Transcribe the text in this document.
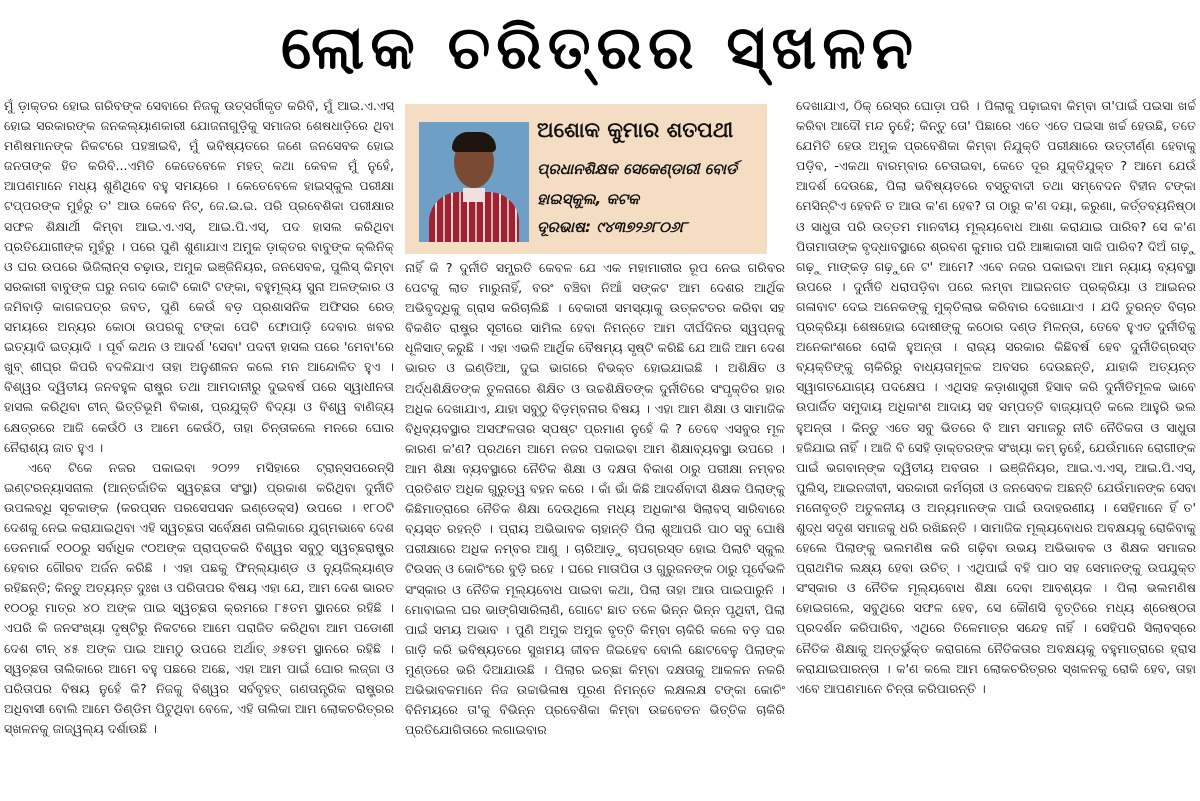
ଲୋକ ଚରିତ୍ରର ସ୍ଖଳନ

ମୁଁ ଡ଼ାକ୍ତର ହୋଇ ଗରିବଙ୍କ ସେବାରେ ନିଜକୁ ଉତ୍ସର୍ଗୀକୃତ କରିବି, ମୁଁ ଆଇ.ଏ.ଏସ୍ ହୋଇ ସରକାରଙ୍କ ଜନକଲ୍ୟାଣକାରୀ ଯୋଜନାଗୁଡ଼ିକୁ ସମାଜର ଶେଷଧାଡ଼ିରେ ଥିବା ମଣିଷମାନଙ୍କ ନିକଟରେ ପହଞ୍ଚାଇବି, ମୁଁ ଭବିଷ୍ୟତରେ ଜଣେ ଜନସେବକ ହୋଇ ଜନତାଙ୍କ ହିତ କରିବି...ଏମିତି କେତେବେଳେ ମହତ୍ କଥା କେବଳ ମୁଁ ନୁହେଁ, ଆପଣମାନେ ମଧ୍ୟ ଶୁଣିଥିବେ ବହୁ ସମୟରେ । କେତେବେଳେ ହାଇସ୍କୁଲ ପରୀକ୍ଷା ଟପ୍ପରଙ୍କ ମୁହଁରୁ ତ' ଆଉ କେବେ ନିଟ୍, ଜେ.ଇ.ଇ. ପରି ପ୍ରବେଶିକା ପରୀକ୍ଷାର ସଫଳ ଶିକ୍ଷାର୍ଥୀ କିମ୍ବା ଆଇ.ଏ.ଏସ୍, ଆଇ.ପି.ଏସ୍, ପଦ ହାସଲ କରିଥିବା ପ୍ରତିଯୋଗୀଙ୍କ ମୁହଁରୁ । ପରେ ପୁଣି ଶୁଣାଯାଏ ଅମୁକ ଡ଼ାକ୍ତର ବାବୁଙ୍କ କ୍ଲିନିକ୍ ଓ ଘର ଉପରେ ଭିଜିଲାନ୍ସ ଚଢ଼ାଉ, ଅମୁକ ଇଞ୍ଜିନିୟର, ଜନସେବକ, ପୁଲିସ୍ କିମ୍ବା ସରକାରୀ ବାବୁଙ୍କ ଘରୁ ନଗଦ କୋଟି କୋଟି ଟଙ୍କା, ବହୁମୂଲ୍ୟ ସୁନା ଅଳଙ୍କାର ଓ ଜମିବାଡ଼ି କାଗଜପତ୍ର ଜବତ, ପୁଣି କେଉଁ ବଡ଼ ପ୍ରଶାସନିକ ଅଫିସର ରେଡ୍ ସମୟରେ ଅନ୍ୟର କୋଠା ଉପରକୁ ଟଙ୍କା ପେଟି ଫୋପାଡ଼ି ଦେବାର ଖବର ଇତ୍ୟାଦି ଇତ୍ୟାଦି । ପୂର୍ବ କଥନ ଓ ଆଦର୍ଶ 'ସେବା' ପଦବୀ ହାସଲ ପରେ 'ମେବା'ରେ ଖୁବ୍ ଶୀଘ୍ର କିପରି ବଦଳିଯାଏ ତାହା ଅନୁଶୀଳନ କଲେ ମନ ଆନ୍ଦୋଳିତ ହୁଏ । ବିଶ୍ୱର ଦ୍ୱିତୀୟ ଜନବହୁଳ ରାଷ୍ଟ୍ର ତଥା ଆମଦାନୀରୁ ଦୁଇବର୍ଷ ପରେ ସ୍ୱାଧୀନତା ହାସଲ କରିଥିବା ଚୀନ୍ ଭିତ୍ତିଭୂମି ବିକାଶ, ପ୍ରଯୁକ୍ତି ବିଦ୍ୟା ଓ ବିଶ୍ୱ ବାଣିଜ୍ୟ କ୍ଷେତ୍ରରେ ଆଜି କେଉଁଠି ଓ ଆମେ କେଉଁଠି, ତାହା ଚିନ୍ତାକଲେ ମନରେ ଘୋର ନୈରାଶ୍ୟ ଜାତ ହୁଏ ।

ଏବେ ଟିକେ ନଜର ପକାଇବା ୨୦୨୨ ମସିହାରେ ଟ୍ରାନ୍ସପରେନ୍ସି ଇଣ୍ଟରନ୍ୟାସନାଲ (ଆନ୍ତର୍ଜାତିକ ସ୍ୱଚ୍ଛତା ସଂସ୍ଥା) ପ୍ରକାଶ କରିଥିବା ଦୁର୍ନୀତି ଉପଲବ୍ଧି ସୂଚକାଙ୍କ (କରପ୍ସନ ପରସେପସନ ଇଣ୍ଡେକ୍ସ) ଉପରେ । ୧୮୦ଟି ଦେଶକୁ ନେଇ କରାଯାଇଥିବା ଏହି ସ୍ୱଚ୍ଛତା ସର୍ବେକ୍ଷଣ ତାଲିକାରେ ଯୁଗ୍ମଭାବେ ଦେଶ ଡେନମାର୍କ ୧୦୦ରୁ ସର୍ବାଧିକ ୯୦ଅଙ୍କ ପ୍ରାପ୍ତକରି ବିଶ୍ୱର ସବୁଠୁ ସ୍ୱଚ୍ଛରାଷ୍ଟ୍ର ହେବାର ଗୌରବ ଅର୍ଜନ କରିଛି । ଏହା ପଛକୁ ଫିନ୍‌ଲ୍ୟାଣ୍ଡ ଓ ନ୍ୟୁଜିଲ୍ୟାଣ୍ଡ ରହିଛନ୍ତି; କିନ୍ତୁ ଅତ୍ୟନ୍ତ ଦୁଃଖ ଓ ପରିତାପର ବିଷୟ ଏହା ଯେ, ଆମ ଦେଶ ଭାରତ ୧୦୦ରୁ ମାତ୍ର ୪୦ ଅଙ୍କ ପାଇ ସ୍ୱଚ୍ଛତା କ୍ରମରେ ୮୫ତମ ସ୍ଥାନରେ ରହିଛି । ଏପରି କି ଜନସଂଖ୍ୟା ଦୃଷ୍ଟିରୁ ନିକଟରେ ଆମେ ପରାଜିତ କରିଥିବା ଆମ ପଡୋଶୀ ଦେଶ ଚୀନ୍ ୪୫ ଅଙ୍କ ପାଇ ଆମଠୁ ଉପରେ ଅର୍ଥାତ୍ ୬୫ତମ ସ୍ଥାନରେ ରହିଛି । ସ୍ୱଚ୍ଛତା ତାଲିକାରେ ଆମେ ବହୁ ପଛରେ ଅଛେ, ଏହା ଆମ ପାଇଁ ଘୋର ଲଜ୍ଜା ଓ ପରିତାପର ବିଷୟ ନୁହେଁ କି? ନିଜକୁ ବିଶ୍ୱର ସର୍ବବୃହତ୍ ଗଣତାନ୍ତ୍ରିକ ରାଷ୍ଟ୍ରର ଅଧିବାସୀ ବୋଲି ଆମେ ଡିଣ୍ଡିମ ପିଟୁଥିବା ବେଳେ, ଏହି ତାଲିକା ଆମ ଲୋକଚରିତ୍ରର ସ୍ଖଳନକୁ ଜାଜ୍ୱଲ୍ୟ ଦର୍ଶାଉଛି ।

ଅଶୋକ କୁମାର ଶତପଥୀ
ପ୍ରଧାନଶିକ୍ଷକ ସେକେଣ୍ଡାରୀ ବୋର୍ଡ
ହାଇସ୍କୁଲ, କଟକ
ଦୂରଭାଷ: ୯୪୩୭୨୬୮୦୬୮

ନାହିଁ କି ? ଦୁର୍ନୀତି ସମ୍ପ୍ରତି କେବଳ ଯେ ଏକ ମହାମାରୀର ରୂପ ନେଇ ଗରିବର ପେଟକୁ ଲାତ ମାରୁନାହିଁ, ବରଂ ବଞ୍ଚିବା ନିଆଁ ସଙ୍କଟ ଆମ ଦେଶର ଆର୍ଥିକ ଅଭିବୃଦ୍ଧିକୁ ଗ୍ରାସ କରିଚାଲିଛି । ବେକାରୀ ସମସ୍ୟାକୁ ଉତ୍କଟତର କରିବା ସହ ବିକଶିତ ରାଷ୍ଟ୍ର ସୂଚୀରେ ସାମିଲ ହେବା ନିମନ୍ତେ ଆମ ଦୀର୍ଘଦିନର ସ୍ୱପ୍ନକୁ ଧୂଳିସାତ୍ କରୁଛି । ଏହା ଏଭଳି ଆର୍ଥିକ ବୈଷମ୍ୟ ସୃଷ୍ଟି କରିଛି ଯେ ଆଜି ଆମ ଦେଶ ଭାରତ ଓ ଇଣ୍ଡିଆ, ଦୁଇ ଭାଗରେ ବିଭକ୍ତ ହୋଇଯାଇଛି । ଅଶିକ୍ଷିତ ଓ ଅର୍ଦ୍ଧଶିକ୍ଷିତଙ୍କ ତୁଳନାରେ ଶିକ୍ଷିତ ଓ ଉଚ୍ଚଶିକ୍ଷିତଙ୍କ ଦୁର୍ନୀତିରେ ସଂପୃକ୍ତିର ହାର ଅଧିକ ଦେଖାଯାଏ, ଯାହା ସବୁଠୁ ବିଡ଼ମ୍ବନାର ବିଷୟ । ଏହା ଆମ ଶିକ୍ଷା ଓ ସାମାଜିକ ବିଧିବ୍ୟବସ୍ଥାର ଅସଫଳତାର ସ୍ପଷ୍ଟ ପ୍ରମାଣ ନୁହେଁ କି ? ତେବେ ଏସବୁର ମୂଳ କାରଣ କ'ଣ? ପ୍ରଥମେ ଆମେ ନଜର ପକାଇବା ଆମ ଶିକ୍ଷାବ୍ୟବସ୍ଥା ଉପରେ । ଆମ ଶିକ୍ଷା ବ୍ୟବସ୍ଥାରେ ନୈତିକ ଶିକ୍ଷା ଓ ଦକ୍ଷତା ବିକାଶ ଠାରୁ ପରୀକ୍ଷା ନମ୍ବର ପ୍ରତିଶତ ଅଧିକ ଗୁରୁତ୍ୱ ବହନ କରେ । କାଁ ଭାଁ କିଛି ଆଦର୍ଶବାଦୀ ଶିକ୍ଷକ ପିଲାଙ୍କୁ କିଛିମାତ୍ରାରେ ନୈତିକ ଶିକ୍ଷା ଦେଉଥିଲେ ମଧ୍ୟ ଅଧିକାଂଶ ସିଲାବସ୍ ସାରିବାରେ ବ୍ୟସ୍ତ ରହନ୍ତି । ପ୍ରାୟ ଅଭିଭାବକ ଚାହାନ୍ତି ପିଲା ଶୁଆପରି ପାଠ ସବୁ ଘୋଷି ପରୀକ୍ଷାରେ ଅଧିକ ନମ୍ବର ଆଣୁ । ଚାରିଆଡ଼ୁ ଚାପଗ୍ରସ୍ତ ହୋଇ ପିଲାଟି ସ୍କୁଲ ଟିଉସନ୍ ଓ କୋଚିଂରେ ବୁଡ଼ି ରହେ । ଘରେ ମାତାପିତା ଓ ଗୁରୁଜନଙ୍କ ଠାରୁ ପୂର୍ବେଭଳି ସଂସ୍କାର ଓ ନୈତିକ ମୂଲ୍ୟବୋଧ ପାଇବା କଥା, ପିଲା ତାହା ଆଉ ପାଇପାରୁନି । ମୋବାଇଲ ଘର ଭାଙ୍ଗିସାରିଲାଣି, ଗୋଟେ ଛାତ ତଳେ ଭିନ୍ନ ଭିନ୍ନ ପୃଥିବୀ, ପିଲା ପାଇଁ ସମୟ ଅଭାବ । ପୁଣି ଅମୁକ ଅମୁକ ବୃତ୍ତି କିମ୍ବା ଚାକିରି କଲେ ବଡ଼ ଘର ଗାଡ଼ି କରି ଭବିଷ୍ୟତରେ ସୁଖମୟ ଜୀବନ ଜିଇହେବ ବୋଲି ଛୋଟବେଳୁ ପିଲାଙ୍କ ମୁଣ୍ଡରେ ଭରି ଦିଆଯାଉଛି । ପିଲାର ଇଚ୍ଛା କିମ୍ବା ଦକ୍ଷତାକୁ ଆକଳନ ନକରି ଅଭିଭାବକମାନେ ନିଜ ଉଚ୍ଚାଭିଳାଷ ପୂରଣ ନିମନ୍ତେ ଲକ୍ଷଲକ୍ଷ ଟଙ୍କା କୋଚିଂ ବିନିମୟରେ ତା'କୁ ବିଭିନ୍ନ ପ୍ରବେଶିକା କିମ୍ବା ଉଚ୍ଚବେତନ ଭିତ୍ତିକ ଚାକିରି ପ୍ରତିଯୋଗିତାରେ ଲଗାଇବାର

ଦେଖାଯାଏ, ଠିକ୍ ରେସ୍‌ର ଘୋଡ଼ା ପରି । ପିଲାକୁ ପଢ଼ାଇବା କିମ୍ବା ତା'ପାଇଁ ପଇସା ଖର୍ଚ୍ଚ କରିବା ଆଦୌ ମନ୍ଦ ନୁହେଁ; କିନ୍ତୁ ତୋ' ପିଛାରେ ଏତେ ଏତେ ପଇସା ଖର୍ଚ୍ଚ ହେଉଛି, ତତେ ଯେମିତି ହେଉ ଅମୁକ ପ୍ରବେଶିକା କିମ୍ବା ନିଯୁକ୍ତି ପରୀକ୍ଷାରେ ଉତ୍ତୀର୍ଣ୍ଣ ହେବାକୁ ପଡ଼ିବ, -ଏକଥା ବାରମ୍ବାର ଚେତାଇବା, କେତେ ଦୂର ଯୁକ୍ତିଯୁକ୍ତ ? ଆମେ ଯେଉଁ ଆଦର୍ଶ ଦେଉଛେ, ପିଲା ଭବିଷ୍ୟତରେ ବସ୍ତୁବାଦୀ ତଥା ସମ୍ବେଦନ ବିହୀନ ଟଙ୍କା ମେସିନ୍‌ଟିଏ ହେବନି ତ ଆଉ କ'ଣ ହେବ? ତା ଠାରୁ କ'ଣ ଦୟା, କରୁଣା, କର୍ତ୍ତବ୍ୟନିଷ୍ଠା ଓ ସାଧୁତା ପରି ଉତ୍ତମ ମାନବୀୟ ମୂଲ୍ୟବୋଧ ଆଶା କରାଯାଇ ପାରିବ? ସେ କ'ଣ ପିତାମାତାଙ୍କ ବୃଦ୍ଧାବସ୍ଥାରେ ଶ୍ରବଣ କୁମାର ପରି ଆଜ୍ଞାକାରୀ ସାଜି ପାରିବ? ଦିଅଁ ଗଢ଼ୁ ଗଢ଼ୁ ମାଙ୍କଡ଼ ଗଢ଼ୁନେ ଟ' ଆମେ? ଏବେ ନଜର ପକାଇବା ଆମ ନ୍ୟାୟ ବ୍ୟବସ୍ଥା ଉପରେ । ଦୁର୍ନୀତି ଧରାପଡ଼ିବା ପରେ ଲମ୍ବା ଆଇନଗତ ପ୍ରକ୍ରିୟା ଓ ଆଇନର ଗଳାବାଟ ଦେଇ ଅନେକଙ୍କୁ ମୁକ୍ତିଲାଭ କରିବାର ଦେଖାଯାଏ । ଯଦି ତୁରନ୍ତ ବିଚାର ପ୍ରକ୍ରିୟା ଶେଷହୋଇ ଦୋଷୀଙ୍କୁ କଠୋର ଦଣ୍ଡ ମିଳନ୍ତା, ତେବେ ହୁଏତ ଦୁର୍ନୀତିକୁ ଅନେକାଂଶରେ ରୋକି ହୁଅନ୍ତା । ରାଜ୍ୟ ସରକାର କିଛିବର୍ଷ ହେବ ଦୁର୍ନୀତିଗ୍ରସ୍ତ ବ୍ୟକ୍ତିଙ୍କୁ ଚାକିରିରୁ ବାଧ୍ୟତାମୂଳକ ଅବସର ଦେଉଛନ୍ତି, ଯାହାକି ଅତ୍ୟନ୍ତ ସ୍ୱାଗତଯୋଗ୍ୟ ପଦକ୍ଷେପ । ଏଥିସହ କଡ଼ାଶାସ୍ତ୍ରୀ ହିସାବ କରି ଦୁର୍ନୀତିମୂଳକ ଭାବେ ଉପାର୍ଜିତ ସମୁଦାୟ ଅଧିକାଂଶ ଆଦାୟ ସହ ସମ୍ପତ୍ତି ବାଜ୍ୟାପ୍ତି କଲେ ଆହୁରି ଭଲ ହୁଅନ୍ତା । କିନ୍ତୁ ଏତେ ସବୁ ଭିତରେ ବି ଆମ ସମାଜରୁ ନୀତି ନୈତିକତା ଓ ସାଧୁତା ହଜିଯାଇ ନାହିଁ । ଆଜି ବି ସେହି ଡ଼ାକ୍ତରଙ୍କ ସଂଖ୍ୟା କମ୍ ନୁହେଁ, ଯେଉଁମାନେ ରୋଗୀଙ୍କ ପାଇଁ ଭଗବାନ୍‌ଙ୍କ ଦ୍ୱିତୀୟ ଅବତାର । ଇଞ୍ଜିନିୟର, ଆଇ.ଏ.ଏସ୍, ଆଇ.ପି.ଏସ୍, ପୁଲିସ୍, ଆଇନଜୀବୀ, ସରକାରୀ କର୍ମଚାରୀ ଓ ଜନସେବକ ଅଛନ୍ତି ଯେଉଁମାନଙ୍କ ସେବା ମନୋବୃତ୍ତି ଅତୁଳନୀୟ ଓ ଅନ୍ୟମାନଙ୍କ ପାଇଁ ଉଦାହରଣୀୟ । ସେହିମାନେ ହିଁ ତ' ଶୁଦ୍ଧ ସଦୃଶ ସମାଜକୁ ଧରି ରଖିଛନ୍ତି । ସାମାଜିକ ମୂଲ୍ୟବୋଧର ଅବକ୍ଷୟକୁ ରୋକିବାକୁ ହେଲେ ପିଲାଙ୍କୁ ଭଲମଣିଷ କରି ଗଢ଼ିବା ଉଭୟ ଅଭିଭାବକ ଓ ଶିକ୍ଷକ ସମାଜର ପ୍ରାଥମିକ ଲକ୍ଷ୍ୟ ହେବା ଉଚିତ୍ । ଏଥିପାଇଁ ବହି ପାଠ ସହ ସେମାନଙ୍କୁ ଉପଯୁକ୍ତ ସଂସ୍କାର ଓ ନୈତିକ ମୂଲ୍ୟବୋଧ ଶିକ୍ଷା ଦେବା ଆବଶ୍ୟକ । ପିଲା ଭଲମଣିଷ ହୋଇଗଲେ, ସବୁଥିରେ ସଫଳ ହେବ, ସେ କୌଣସି ବୃତ୍ତିରେ ମଧ୍ୟ ଶ୍ରେଷ୍ଠତା ପ୍ରଦର୍ଶନ କରିପାରିବ, ଏଥିରେ ତିଳେମାତ୍ର ସନ୍ଦେହ ନାହିଁ । ସେହିପରି ସିଲାବସ୍‌ରେ ନୈତିକ ଶିକ୍ଷାକୁ ଅନ୍ତର୍ଭୁକ୍ତ କରାଗଲେ ନୈତିକତାର ଅବକ୍ଷୟକୁ ବହୁମାତ୍ରାରେ ହ୍ରାସ କରାଯାଇପାରନ୍ତା । କ'ଣ କଲେ ଆମ ଲୋକଚରିତ୍ରର ସ୍ଖଳନକୁ ରୋକି ହେବ, ତାହା ଏବେ ଆପଣମାନେ ଚିନ୍ତା କରିପାରନ୍ତି ।
